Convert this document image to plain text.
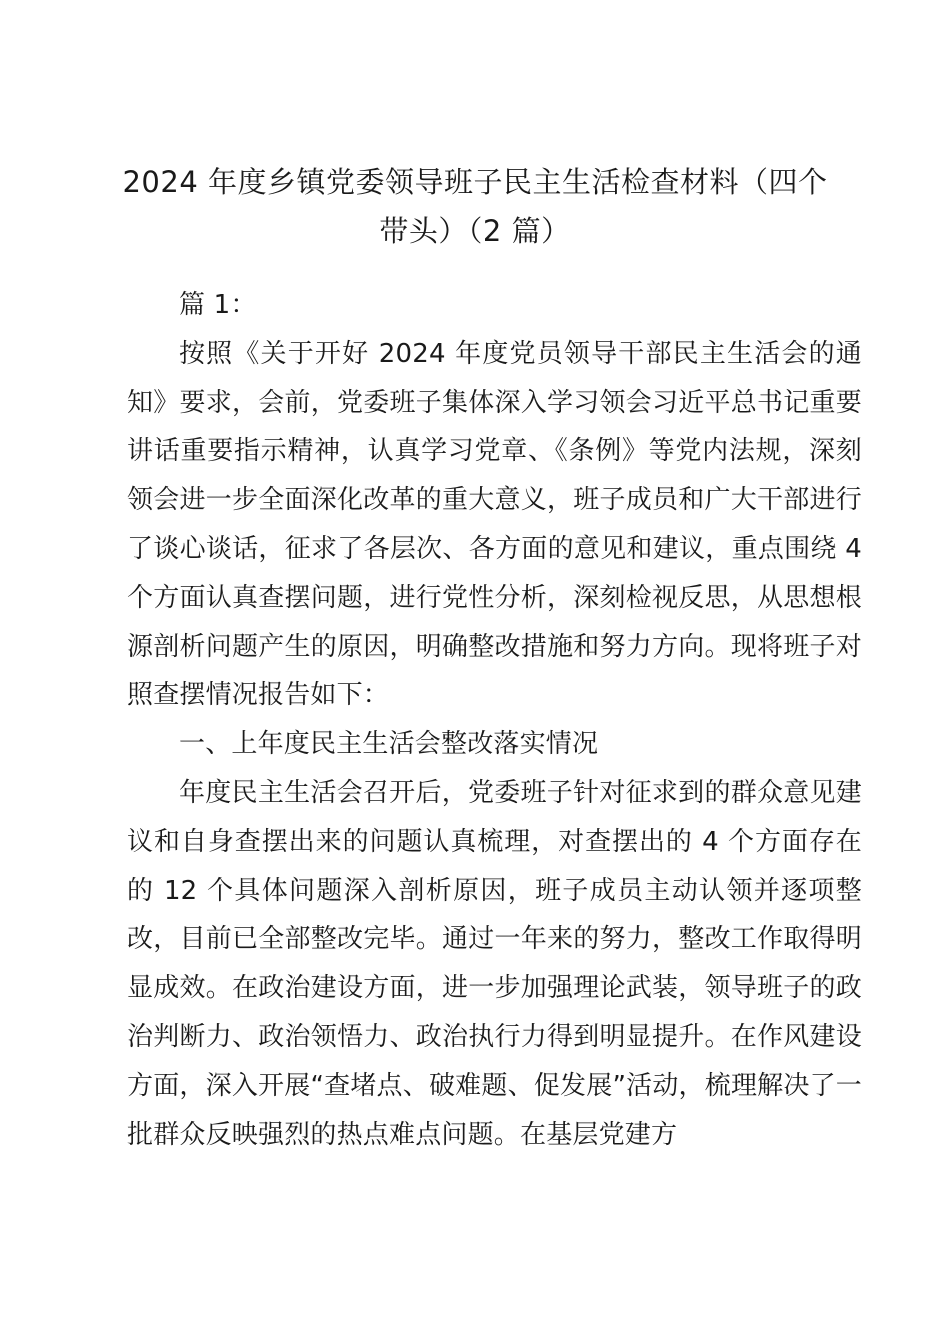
2024 年度乡镇党委领导班子民主生活检查材料（四个带头）（2 篇）

篇 1：

按照《关于开好 2024 年度党员领导干部民主生活会的通知》要求，会前，党委班子集体深入学习领会习近平总书记重要讲话重要指示精神，认真学习党章、《条例》等党内法规，深刻领会进一步全面深化改革的重大意义，班子成员和广大干部进行了谈心谈话，征求了各层次、各方面的意见和建议，重点围绕 4 个方面认真查摆问题，进行党性分析，深刻检视反思，从思想根源剖析问题产生的原因，明确整改措施和努力方向。现将班子对照查摆情况报告如下：

一、上年度民主生活会整改落实情况

年度民主生活会召开后，党委班子针对征求到的群众意见建议和自身查摆出来的问题认真梳理，对查摆出的 4 个方面存在的 12 个具体问题深入剖析原因，班子成员主动认领并逐项整改，目前已全部整改完毕。通过一年来的努力，整改工作取得明显成效。在政治建设方面，进一步加强理论武装，领导班子的政治判断力、政治领悟力、政治执行力得到明显提升。在作风建设方面，深入开展“查堵点、破难题、促发展”活动，梳理解决了一批群众反映强烈的热点难点问题。在基层党建方
